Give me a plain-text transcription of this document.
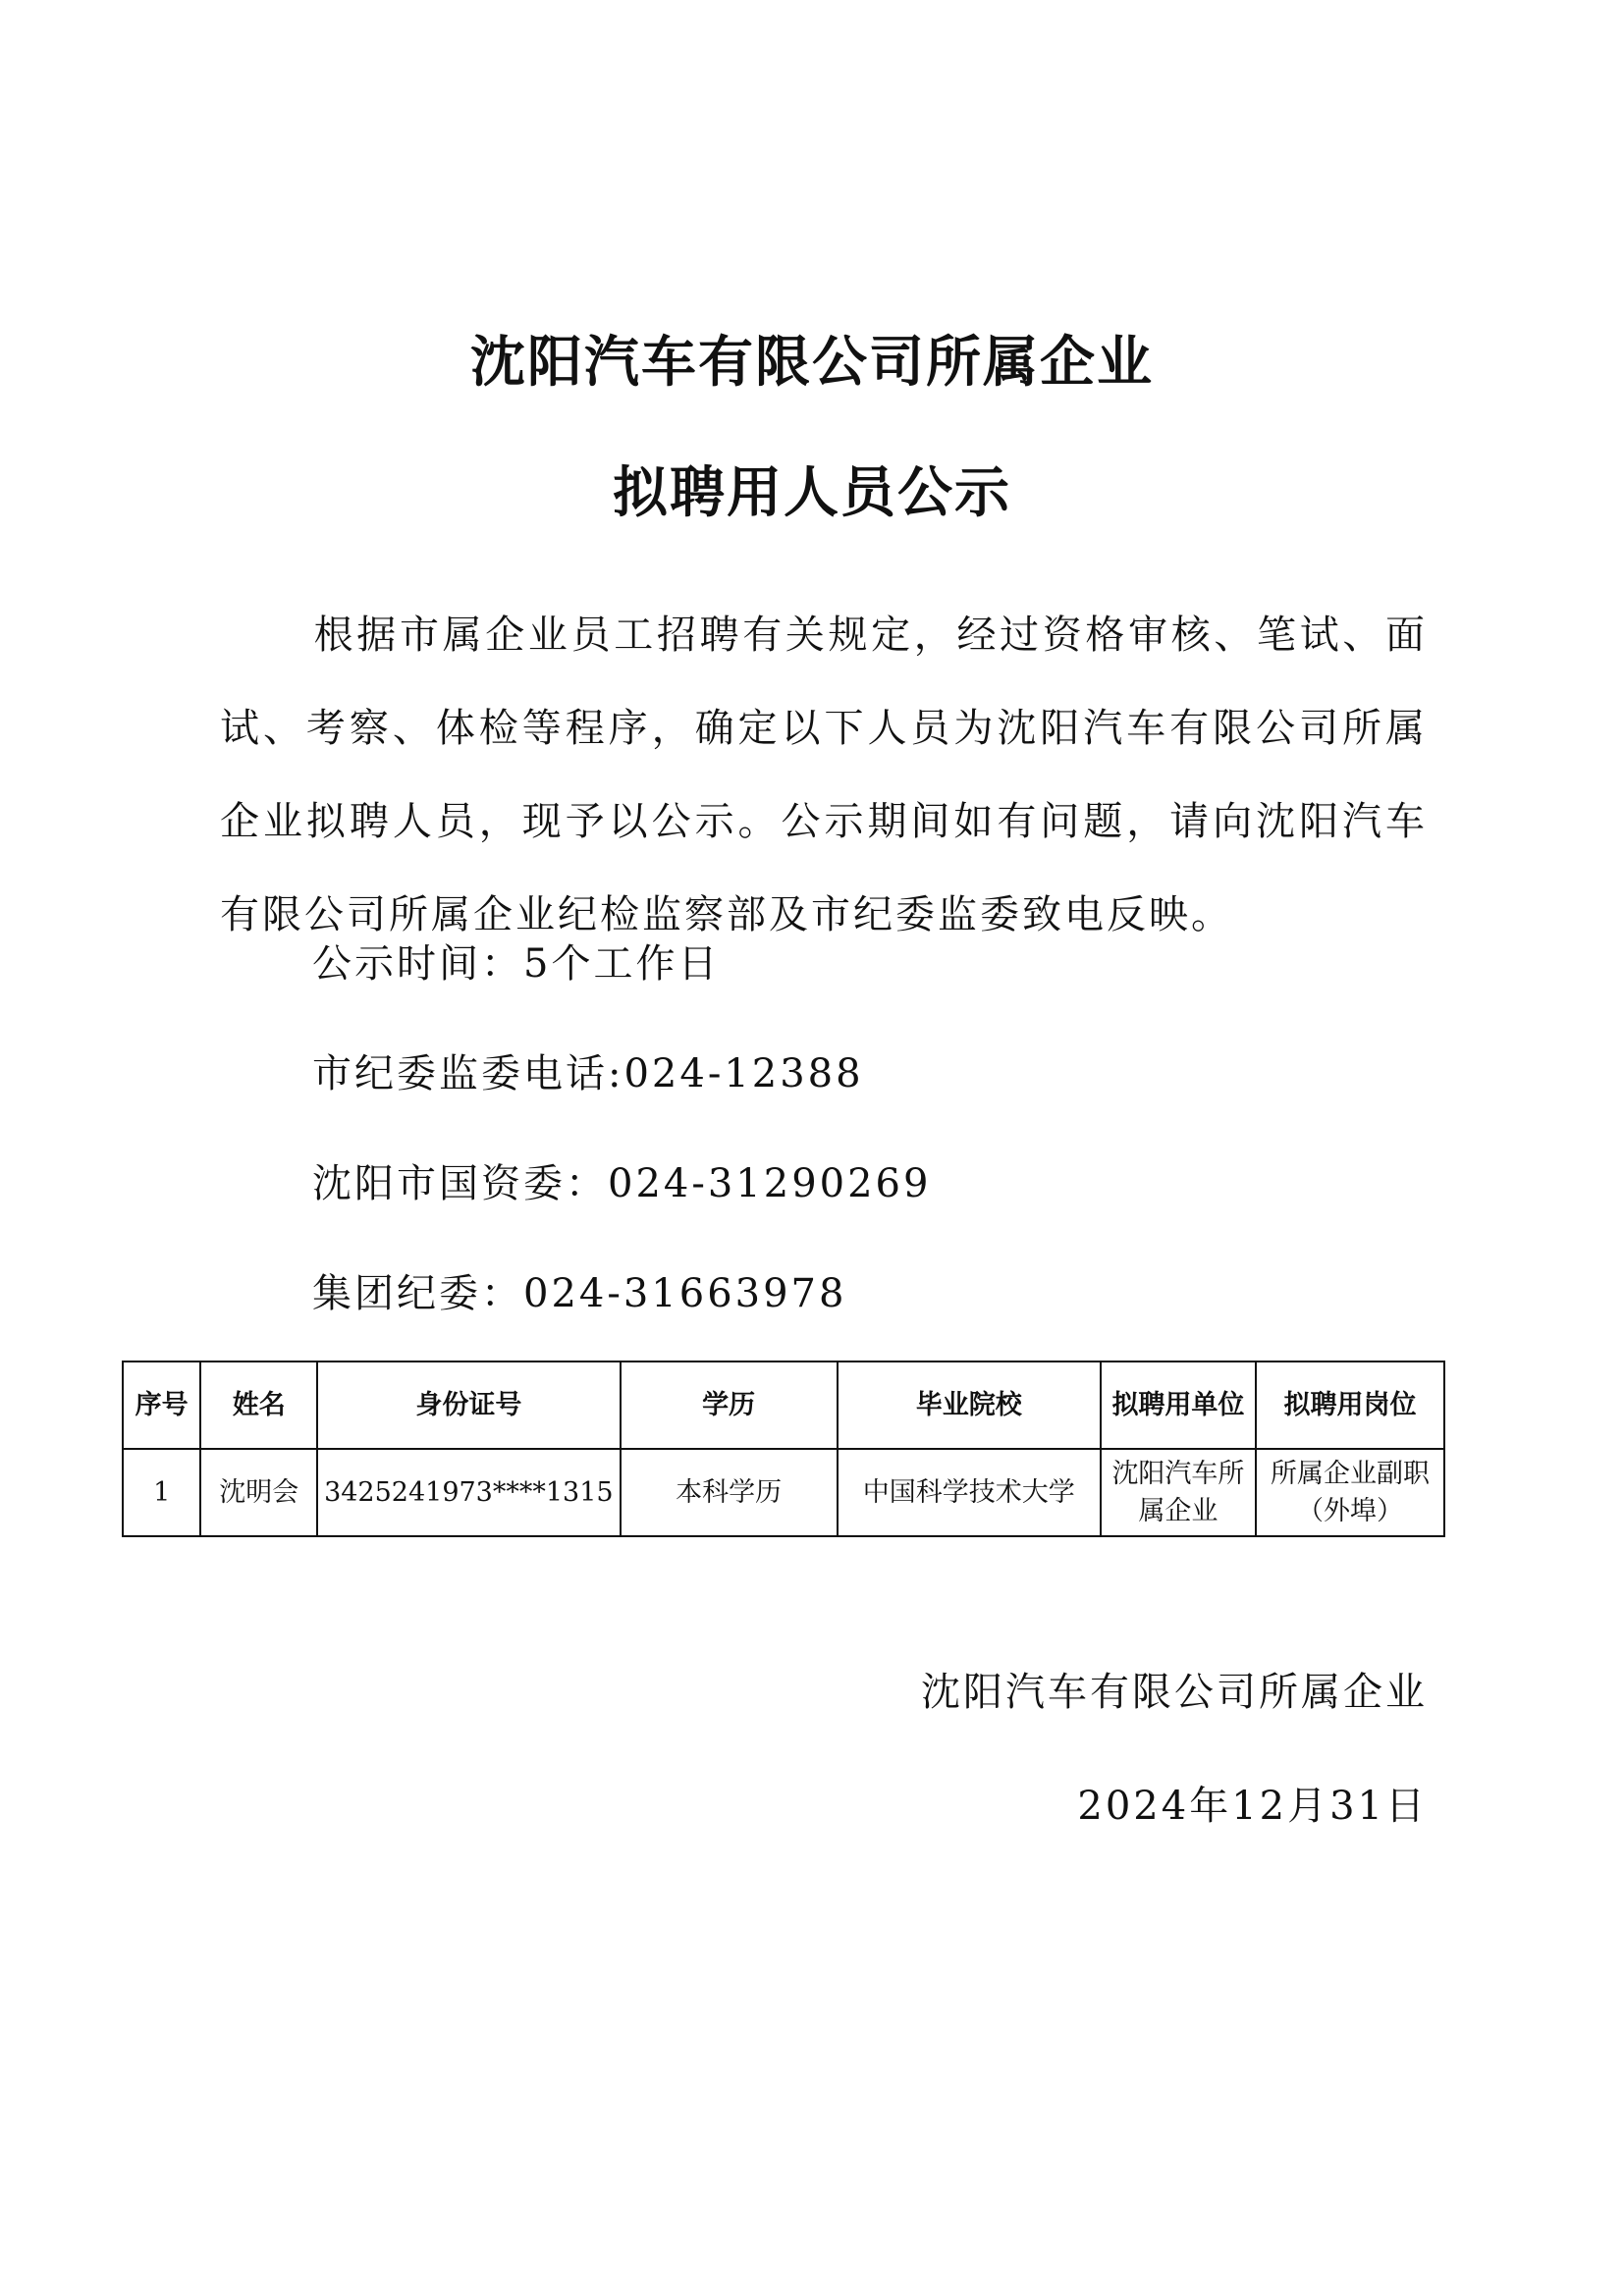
沈阳汽车有限公司所属企业
拟聘用人员公示
根据市属企业员工招聘有关规定，经过资格审核、笔试、面试、考察、体检等程序，确定以下人员为沈阳汽车有限公司所属企业拟聘人员，现予以公示。公示期间如有问题，请向沈阳汽车有限公司所属企业纪检监察部及市纪委监委致电反映。
公示时间：5个工作日
市纪委监委电话:024-12388
沈阳市国资委：024-31290269
集团纪委：024-31663978
序号	姓名	身份证号	学历	毕业院校	拟聘用单位	拟聘用岗位
1	沈明会	3425241973****1315	本科学历	中国科学技术大学	沈阳汽车所属企业	所属企业副职（外埠）
沈阳汽车有限公司所属企业
2024年12月31日
